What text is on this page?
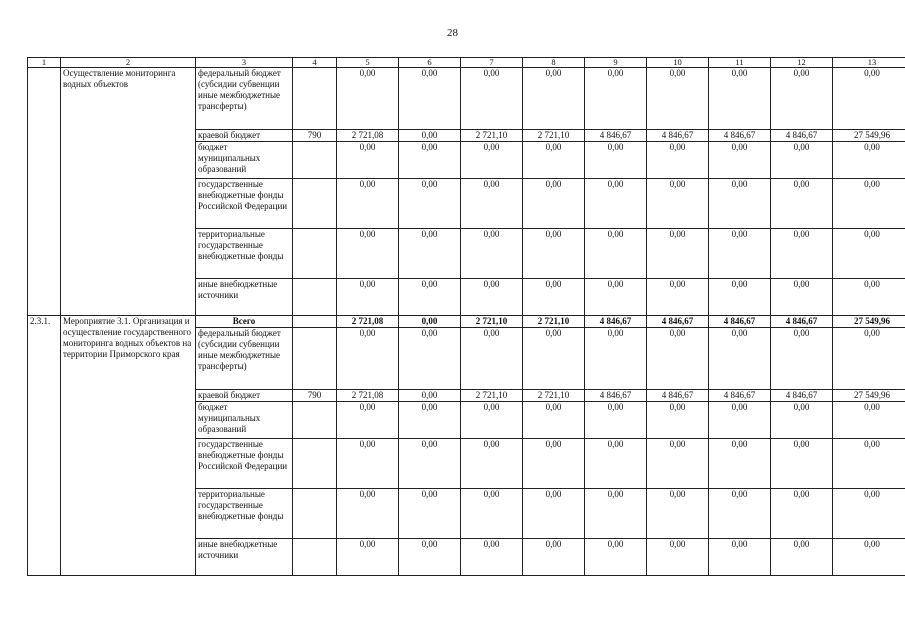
28
1	2	3	4	5	6	7	8	9	10	11	12	13
	Осуществление мониторинга водных объектов	федеральный бюджет (субсидии субвенции иные межбюджетные трансферты)		0,00	0,00	0,00	0,00	0,00	0,00	0,00	0,00	0,00
		краевой бюджет	790	2 721,08	0,00	2 721,10	2 721,10	4 846,67	4 846,67	4 846,67	4 846,67	27 549,96
		бюджет муниципальных образований		0,00	0,00	0,00	0,00	0,00	0,00	0,00	0,00	0,00
		государственные внебюджетные фонды Российской Федерации		0,00	0,00	0,00	0,00	0,00	0,00	0,00	0,00	0,00
		территориальные государственные внебюджетные фонды		0,00	0,00	0,00	0,00	0,00	0,00	0,00	0,00	0,00
		иные внебюджетные источники		0,00	0,00	0,00	0,00	0,00	0,00	0,00	0,00	0,00
2.3.1.	Мероприятие 3.1. Организация и осуществление государственного мониторинга водных объектов на территории Приморского края	Всего		2 721,08	0,00	2 721,10	2 721,10	4 846,67	4 846,67	4 846,67	4 846,67	27 549,96
		федеральный бюджет (субсидии субвенции иные межбюджетные трансферты)		0,00	0,00	0,00	0,00	0,00	0,00	0,00	0,00	0,00
		краевой бюджет	790	2 721,08	0,00	2 721,10	2 721,10	4 846,67	4 846,67	4 846,67	4 846,67	27 549,96
		бюджет муниципальных образований		0,00	0,00	0,00	0,00	0,00	0,00	0,00	0,00	0,00
		государственные внебюджетные фонды Российской Федерации		0,00	0,00	0,00	0,00	0,00	0,00	0,00	0,00	0,00
		территориальные государственные внебюджетные фонды		0,00	0,00	0,00	0,00	0,00	0,00	0,00	0,00	0,00
		иные внебюджетные источники		0,00	0,00	0,00	0,00	0,00	0,00	0,00	0,00	0,00
